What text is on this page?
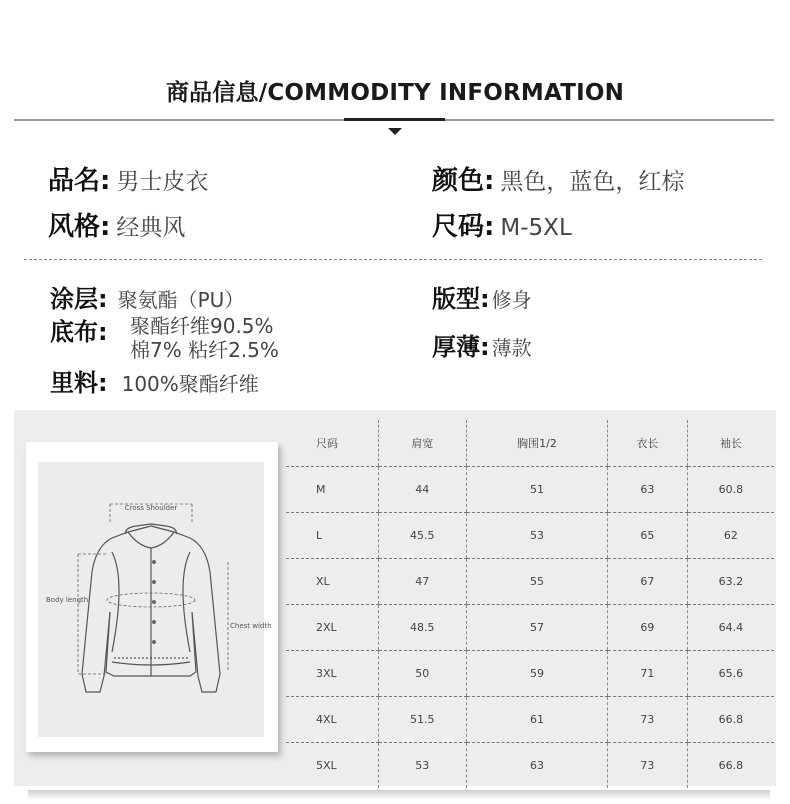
商品信息/COMMODITY INFORMATION
品名: 男士皮衣	颜色: 黑色，蓝色，红棕
风格: 经典风	尺码: M-5XL
涂层: 聚氨酯（PU）	版型: 修身
底布: 聚酯纤维90.5%
棉7% 粘纤2.5%	厚薄: 薄款
里料: 100%聚酯纤维
Cross Shoulder
Body length
Chest width
尺码	肩宽	胸围1/2	衣长	袖长
M	44	51	63	60.8
L	45.5	53	65	62
XL	47	55	67	63.2
2XL	48.5	57	69	64.4
3XL	50	59	71	65.6
4XL	51.5	61	73	66.8
5XL	53	63	73	66.8
